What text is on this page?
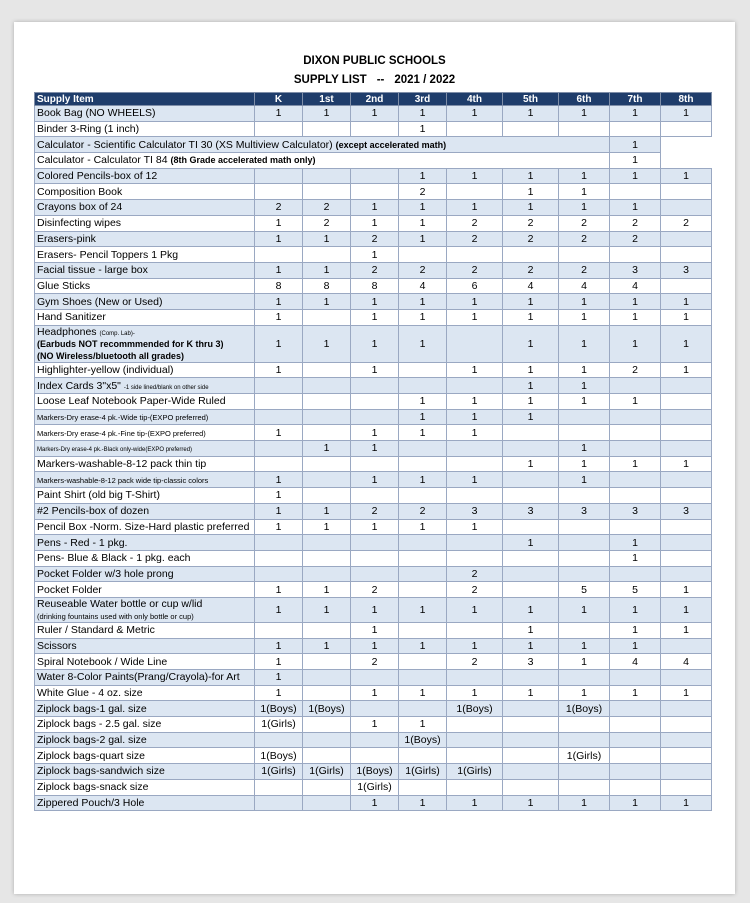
DIXON PUBLIC SCHOOLS
SUPPLY LIST -- 2021 / 2022
Supply Item	K	1st	2nd	3rd	4th	5th	6th	7th	8th
Book Bag (NO WHEELS)	1	1	1	1	1	1	1	1	1
Binder 3-Ring (1 inch)				1					
Calculator - Scientific Calculator TI 30 (XS Multiview Calculator) (except accelerated math)								1	
Calculator - Calculator TI 84 (8th Grade accelerated math only)								1	
Colored Pencils-box of 12				1	1	1	1	1	1
Composition Book				2		1	1		
Crayons box of 24	2	2	1	1	1	1	1	1	
Disinfecting wipes	1	2	1	1	2	2	2	2	2
Erasers-pink	1	1	2	1	2	2	2	2	
Erasers- Pencil Toppers 1 Pkg			1						
Facial tissue - large box	1	1	2	2	2	2	2	3	3
Glue Sticks	8	8	8	4	6	4	4	4	
Gym Shoes (New or Used)	1	1	1	1	1	1	1	1	1
Hand Sanitizer	1		1	1	1	1	1	1	1
Headphones (Comp. Lab)-
(Earbuds NOT recommmended for K thru 3)
(NO Wireless/bluetooth all grades)	1	1	1	1		1	1	1	1
Highlighter-yellow (individual)	1		1		1	1	1	2	1
Index Cards 3"x5" -1 side lined/blank on other side						1	1		
Loose Leaf Notebook Paper-Wide Ruled				1	1	1	1	1	
Markers-Dry erase-4 pk.-Wide tip-(EXPO preferred)				1	1	1			
Markers-Dry erase-4 pk.-Fine tip-(EXPO preferred)	1		1	1	1				
Markers-Dry erase-4 pk.-Black only-wide(EXPO preferred)		1	1				1		
Markers-washable-8-12 pack thin tip						1	1	1	1
Markers-washable-8-12 pack wide tip-classic colors	1		1	1	1		1		
Paint Shirt (old big T-Shirt)	1								
#2 Pencils-box of dozen	1	1	2	2	3	3	3	3	3
Pencil Box -Norm. Size-Hard plastic preferred	1	1	1	1	1				
Pens - Red - 1 pkg.						1		1	
Pens- Blue & Black - 1 pkg. each								1	
Pocket Folder w/3 hole prong					2				
Pocket Folder	1	1	2		2		5	5	1
Reuseable Water bottle or cup w/lid
(drinking fountains used with only bottle or cup)	1	1	1	1	1	1	1	1	1
Ruler / Standard & Metric			1			1		1	1
Scissors	1	1	1	1	1	1	1	1	
Spiral Notebook / Wide Line	1		2		2	3	1	4	4
Water 8-Color Paints(Prang/Crayola)-for Art	1								
White Glue - 4 oz. size	1		1	1	1	1	1	1	1
Ziplock bags-1 gal. size	1(Boys)	1(Boys)			1(Boys)		1(Boys)		
Ziplock bags - 2.5 gal. size	1(Girls)		1	1					
Ziplock bags-2 gal. size				1(Boys)					
Ziplock bags-quart size	1(Boys)						1(Girls)		
Ziplock bags-sandwich size	1(Girls)	1(Girls)	1(Boys)	1(Girls)	1(Girls)				
Ziplock bags-snack size			1(Girls)						
Zippered Pouch/3 Hole			1	1	1	1	1	1	1
